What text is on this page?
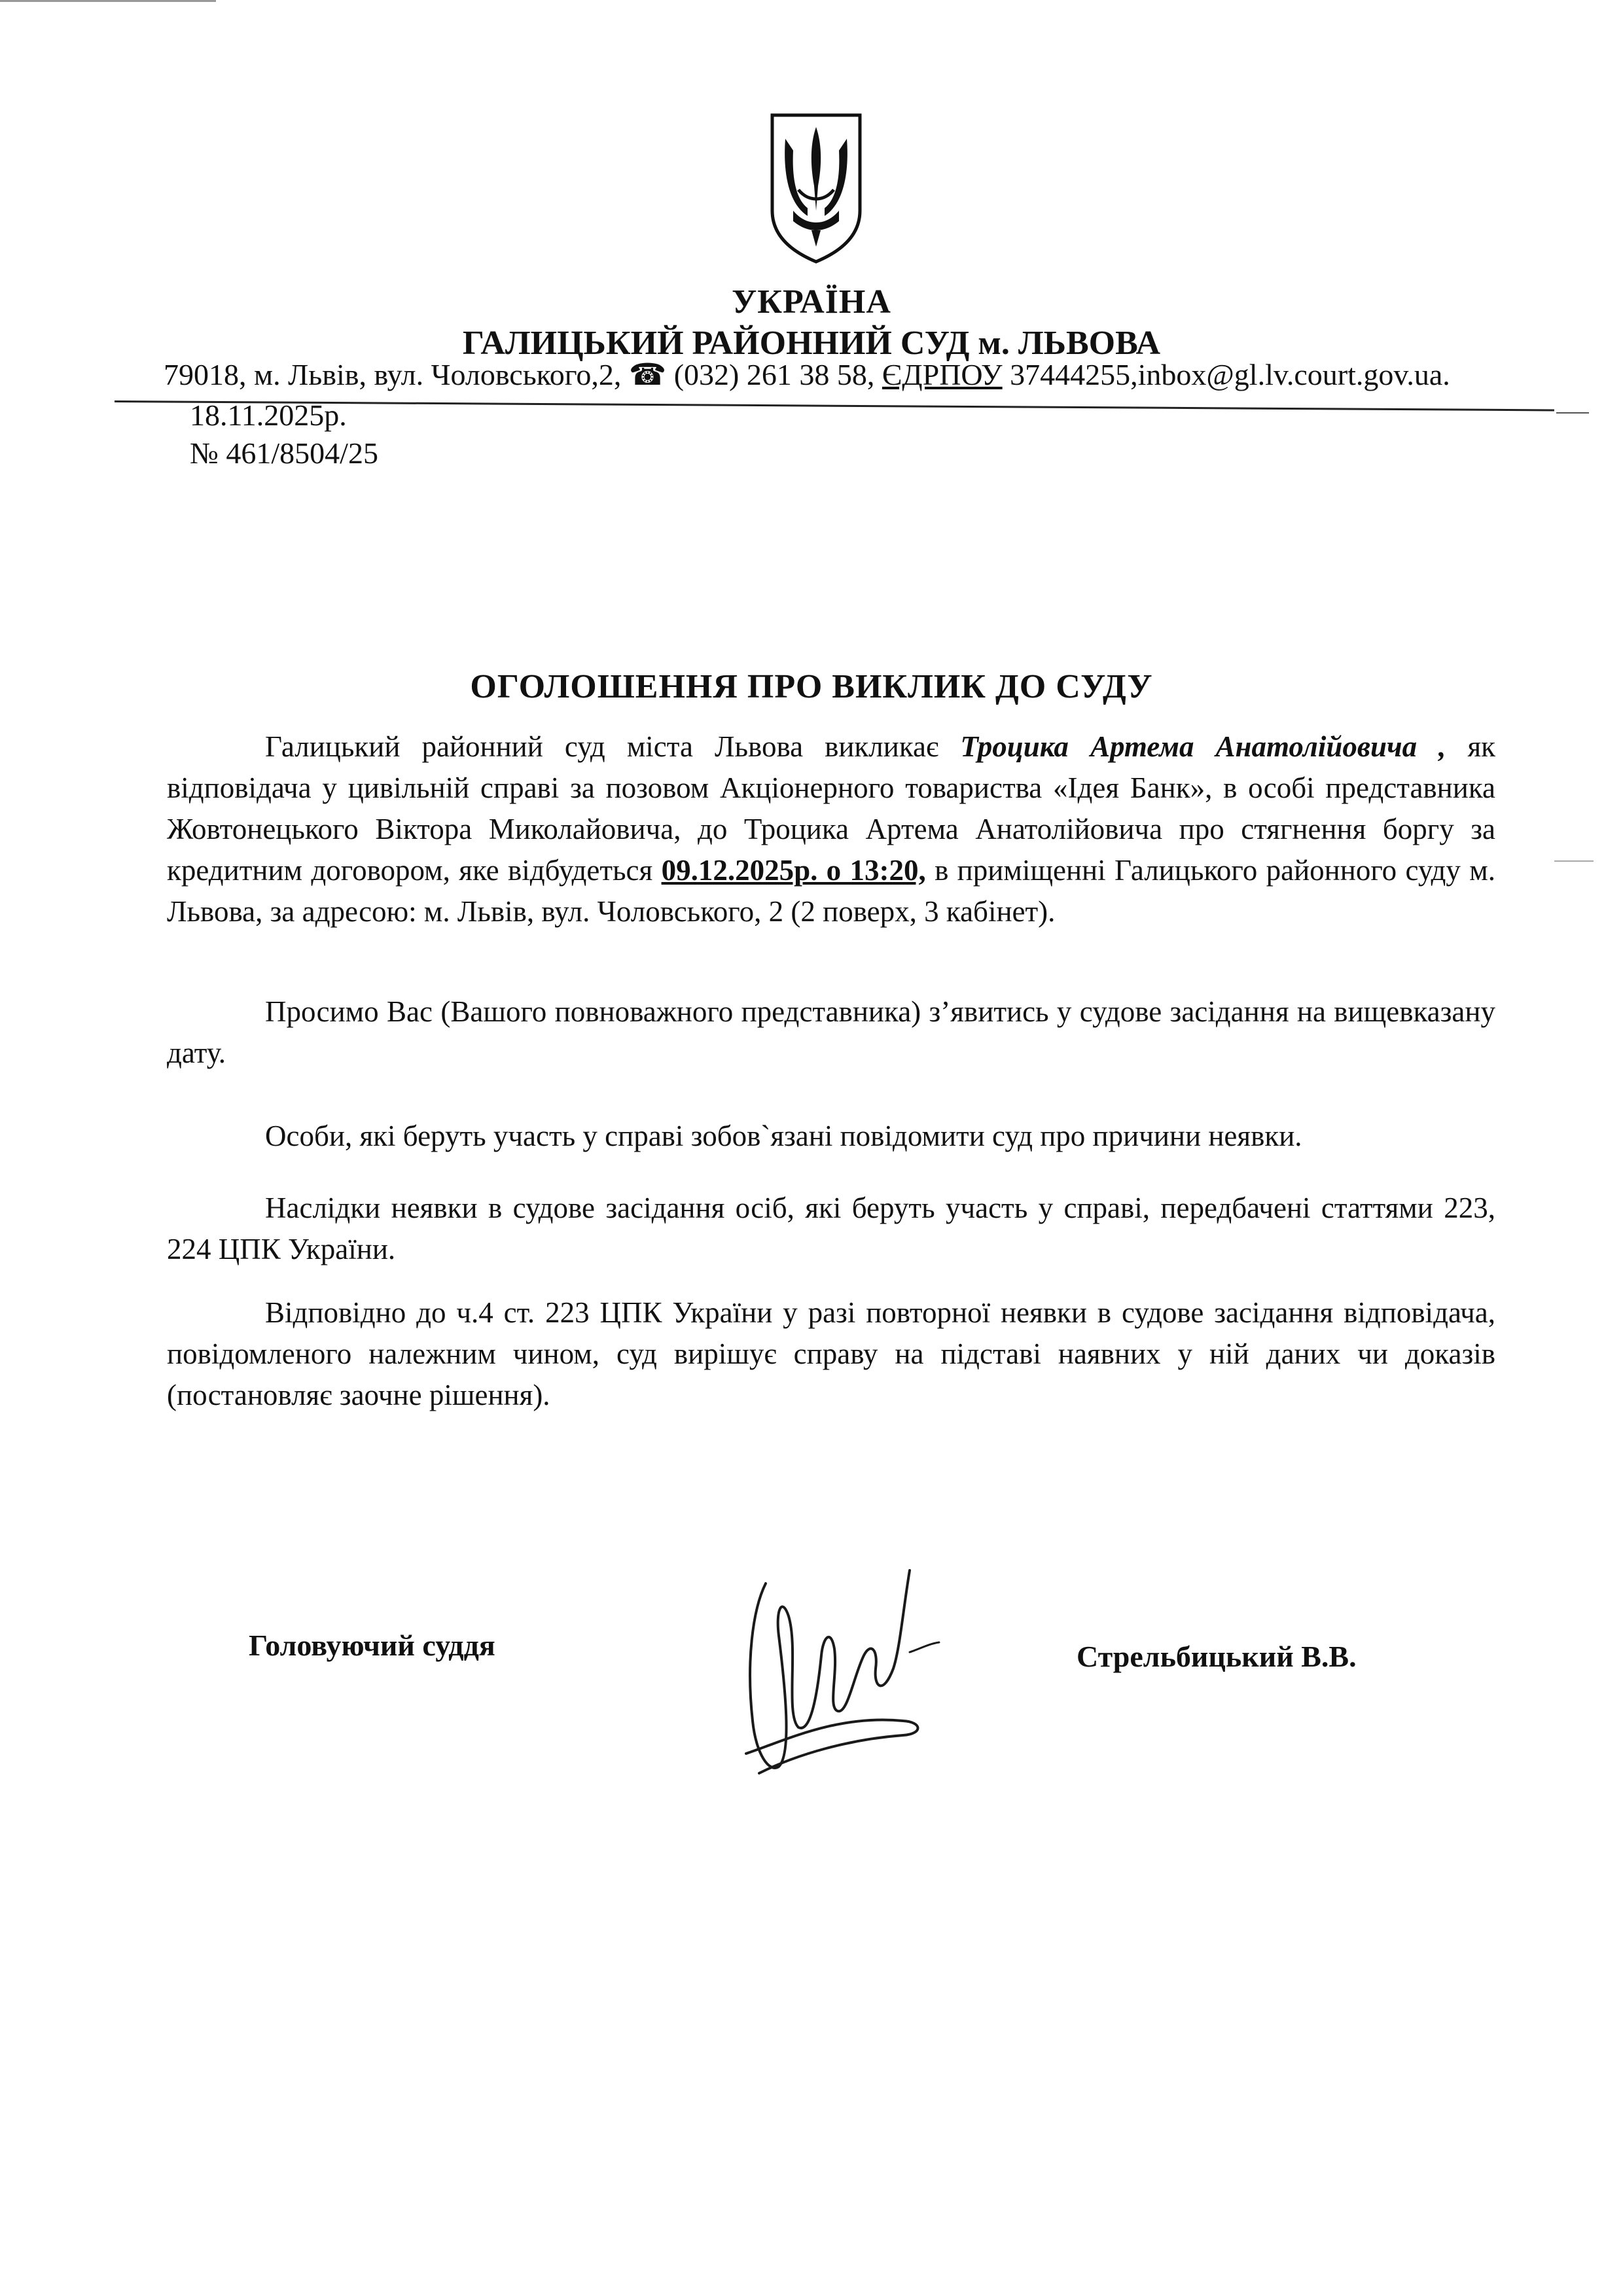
УКРАЇНА
ГАЛИЦЬКИЙ РАЙОННИЙ СУД м. ЛЬВОВА
79018, м. Львів, вул. Чоловського,2, ☎ (032) 261 38 58, ЄДРПОУ 37444255,inbox@gl.lv.court.gov.ua.
18.11.2025р.
№ 461/8504/25
ОГОЛОШЕННЯ ПРО ВИКЛИК ДО СУДУ
Галицький районний суд міста Львова викликає Троцика Артема Анатолійовича , як відповідача у цивільній справі за позовом Акціонерного товариства «Ідея Банк», в особі представника Жовтонецького Віктора Миколайовича, до Троцика Артема Анатолійовича про стягнення боргу за кредитним договором, яке відбудеться 09.12.2025р. о 13:20, в приміщенні Галицького районного суду м. Львова, за адресою: м. Львів, вул. Чоловського, 2 (2 поверх, 3 кабінет).
Просимо Вас (Вашого повноважного представника) з’явитись у судове засідання на вищевказану дату.
Особи, які беруть участь у справі зобов`язані повідомити суд про причини неявки.
Наслідки неявки в судове засідання осіб, які беруть участь у справі, передбачені статтями 223, 224 ЦПК України.
Відповідно до ч.4 ст. 223 ЦПК України у разі повторної неявки в судове засідання відповідача, повідомленого належним чином, суд вирішує справу на підставі наявних у ній даних чи доказів (постановляє заочне рішення).
Головуючий суддя	Стрельбицький В.В.
